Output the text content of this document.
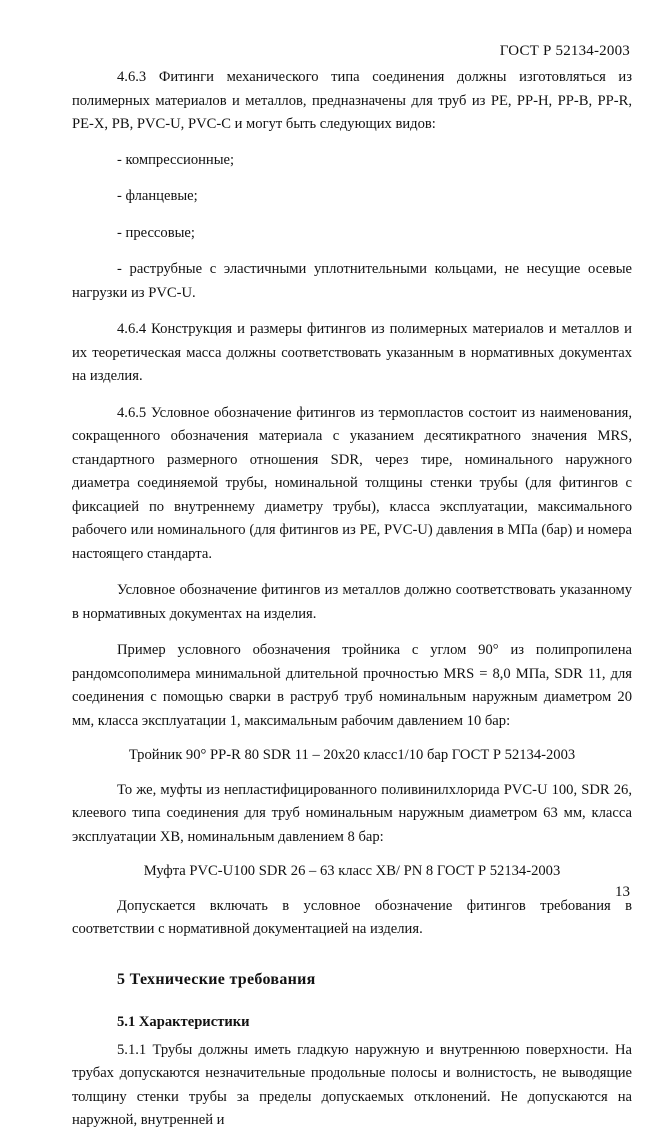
ГОСТ Р 52134-2003

4.6.3 Фитинги механического типа соединения должны изготовляться из полимерных материалов и металлов, предназначены для труб из РЕ, PP-H, PP-B, PP-R, PE-X, PB, PVC-U, PVC-C и могут быть следующих видов:

- компрессионные;

- фланцевые;

- прессовые;

- раструбные с эластичными уплотнительными кольцами, не несущие осевые нагрузки из PVC-U.

4.6.4 Конструкция и размеры фитингов из полимерных материалов и металлов и их теоретическая масса должны соответствовать указанным в нормативных документах на изделия.

4.6.5 Условное обозначение фитингов из термопластов состоит из наименования, сокращенного обозначения материала с указанием десятикратного значения MRS, стандартного размерного отношения SDR, через тире, номинального наружного диаметра соединяемой трубы, номинальной толщины стенки трубы (для фитингов с фиксацией по внутреннему диаметру трубы), класса эксплуатации, максимального рабочего или номинального (для фитингов из РЕ, PVC-U) давления в МПа (бар) и номера настоящего стандарта.

Условное обозначение фитингов из металлов должно соответствовать указанному в нормативных документах на изделия.

Пример условного обозначения тройника с углом 90° из полипропилена рандомсополимера минимальной длительной прочностью MRS = 8,0 МПа, SDR 11, для соединения с помощью сварки в раструб труб номинальным наружным диаметром 20 мм, класса эксплуатации 1, максимальным рабочим давлением 10 бар:

Тройник 90° PP-R 80 SDR 11 – 20x20 класс1/10 бар ГОСТ Р 52134-2003

То же, муфты из непластифицированного поливинилхлорида PVC-U 100, SDR 26, клеевого типа соединения для труб номинальным наружным диаметром 63 мм, класса эксплуатации ХВ, номинальным давлением 8 бар:

Муфта PVC-U100 SDR 26 – 63 класс ХВ/ PN 8 ГОСТ Р 52134-2003

Допускается включать в условное обозначение фитингов требования в соответствии с нормативной документацией на изделия.

5 Технические требования
5.1 Характеристики

5.1.1 Трубы должны иметь гладкую наружную и внутреннюю поверхности. На трубах допускаются незначительные продольные полосы и волнистость, не выводящие толщину стенки трубы за пределы допускаемых отклонений. Не допускаются на наружной, внутренней и

13
